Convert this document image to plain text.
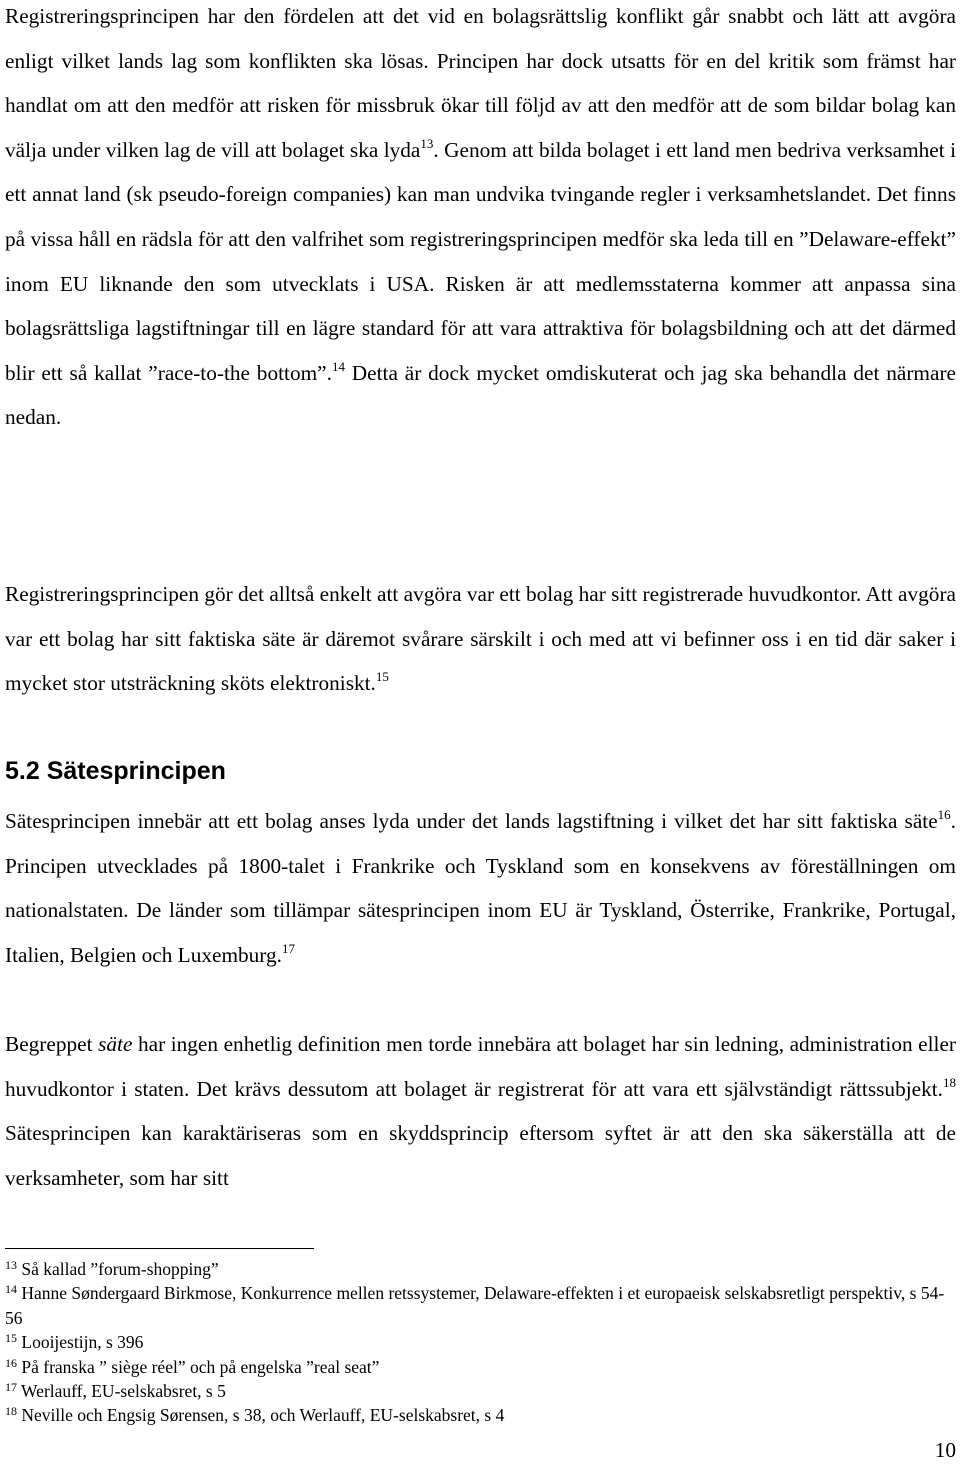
Registreringsprincipen har den fördelen att det vid en bolagsrättslig konflikt går snabbt och lätt att avgöra enligt vilket lands lag som konflikten ska lösas. Principen har dock utsatts för en del kritik som främst har handlat om att den medför att risken för missbruk ökar till följd av att den medför att de som bildar bolag kan välja under vilken lag de vill att bolaget ska lyda$^{13}$. Genom att bilda bolaget i ett land men bedriva verksamhet i ett annat land (sk pseudo-foreign companies) kan man undvika tvingande regler i verksamhetslandet. Det finns på vissa håll en rädsla för att den valfrihet som registreringsprincipen medför ska leda till en ”Delaware-effekt” inom EU liknande den som utvecklats i USA. Risken är att medlemsstaterna kommer att anpassa sina bolagsrättsliga lagstiftningar till en lägre standard för att vara attraktiva för bolagsbildning och att det därmed blir ett så kallat ”race-to-the bottom”.$^{14}$ Detta är dock mycket omdiskuterat och jag ska behandla det närmare nedan.

Registreringsprincipen gör det alltså enkelt att avgöra var ett bolag har sitt registrerade huvudkontor. Att avgöra var ett bolag har sitt faktiska säte är däremot svårare särskilt i och med att vi befinner oss i en tid där saker i mycket stor utsträckning sköts elektroniskt.$^{15}$

5.2 Sätesprincipen

Sätesprincipen innebär att ett bolag anses lyda under det lands lagstiftning i vilket det har sitt faktiska säte$^{16}$. Principen utvecklades på 1800-talet i Frankrike och Tyskland som en konsekvens av föreställningen om nationalstaten. De länder som tillämpar sätesprincipen inom EU är Tyskland, Österrike, Frankrike, Portugal, Italien, Belgien och Luxemburg.$^{17}$

Begreppet säte har ingen enhetlig definition men torde innebära att bolaget har sin ledning, administration eller huvudkontor i staten. Det krävs dessutom att bolaget är registrerat för att vara ett självständigt rättssubjekt.$^{18}$ Sätesprincipen kan karaktäriseras som en skyddsprincip eftersom syftet är att den ska säkerställa att de verksamheter, som har sitt

$^{13}$ Så kallad ”forum-shopping”

$^{14}$ Hanne Søndergaard Birkmose, Konkurrence mellen retssystemer, Delaware-effekten i et europaeisk selskabsretligt perspektiv, s 54-56

$^{15}$ Looijestijn, s 396

$^{16}$ På franska ” siège réel” och på engelska ”real seat”

$^{17}$ Werlauff, EU-selskabsret, s 5

$^{18}$ Neville och Engsig Sørensen, s 38, och Werlauff, EU-selskabsret, s 4

10
